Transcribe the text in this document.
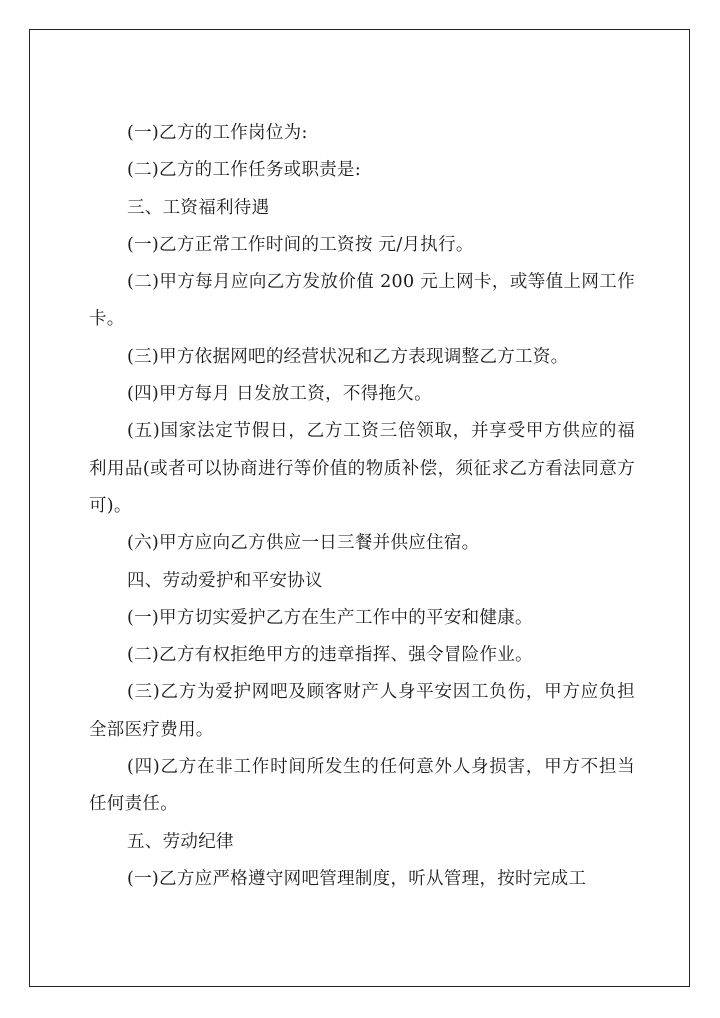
(一)乙方的工作岗位为:

(二)乙方的工作任务或职责是:

三、工资福利待遇

(一)乙方正常工作时间的工资按 元/月执行。

(二)甲方每月应向乙方发放价值 200 元上网卡，或等值上网工作卡。

(三)甲方依据网吧的经营状况和乙方表现调整乙方工资。

(四)甲方每月 日发放工资，不得拖欠。

(五)国家法定节假日，乙方工资三倍领取，并享受甲方供应的福利用品(或者可以协商进行等价值的物质补偿，须征求乙方看法同意方可)。

(六)甲方应向乙方供应一日三餐并供应住宿。

四、劳动爱护和平安协议

(一)甲方切实爱护乙方在生产工作中的平安和健康。

(二)乙方有权拒绝甲方的违章指挥、强令冒险作业。

(三)乙方为爱护网吧及顾客财产人身平安因工负伤，甲方应负担全部医疗费用。

(四)乙方在非工作时间所发生的任何意外人身损害，甲方不担当任何责任。

五、劳动纪律

(一)乙方应严格遵守网吧管理制度，听从管理，按时完成工
